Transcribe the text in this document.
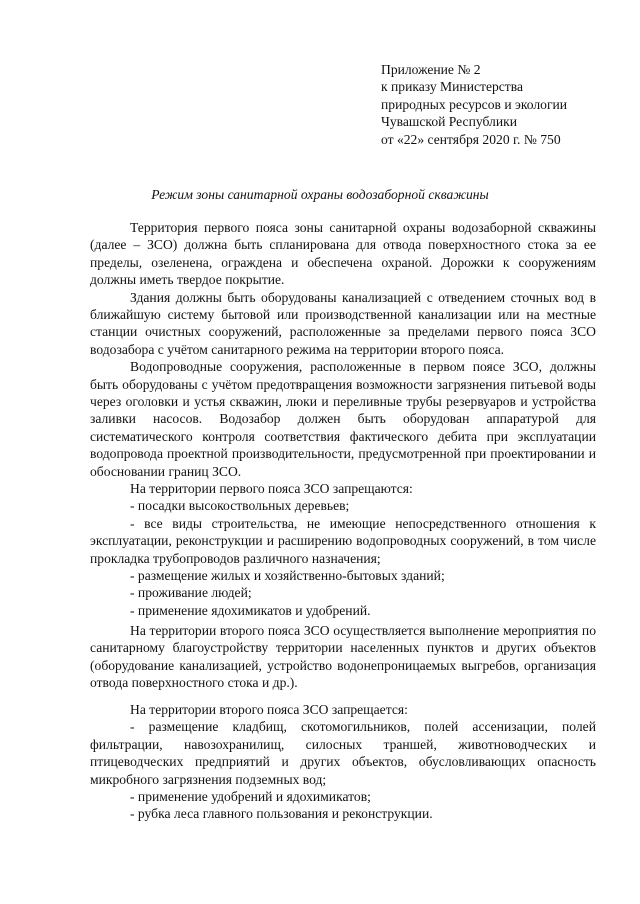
Приложение № 2
к приказу Министерства
природных ресурсов и экологии
Чувашской Республики
от «22» сентября 2020 г. № 750
Режим зоны санитарной охраны водозаборной скважины

Территория первого пояса зоны санитарной охраны водозаборной скважины (далее – ЗСО) должна быть спланирована для отвода поверхностного стока за ее пределы, озеленена, ограждена и обеспечена охраной. Дорожки к сооружениям должны иметь твердое покрытие.

Здания должны быть оборудованы канализацией с отведением сточных вод в ближайшую систему бытовой или производственной канализации или на местные станции очистных сооружений, расположенные за пределами первого пояса ЗСО водозабора с учётом санитарного режима на территории второго пояса.

Водопроводные сооружения, расположенные в первом поясе ЗСО, должны быть оборудованы с учётом предотвращения возможности загрязнения питьевой воды через оголовки и устья скважин, люки и переливные трубы резервуаров и устройства заливки насосов. Водозабор должен быть оборудован аппаратурой для систематического контроля соответствия фактического дебита при эксплуатации водопровода проектной производительности, предусмотренной при проектировании и обосновании границ ЗСО.

На территории первого пояса ЗСО запрещаются:

- посадки высокоствольных деревьев;

- все виды строительства, не имеющие непосредственного отношения к эксплуатации, реконструкции и расширению водопроводных сооружений, в том числе прокладка трубопроводов различного назначения;

- размещение жилых и хозяйственно-бытовых зданий;

- проживание людей;

- применение ядохимикатов и удобрений.

На территории второго пояса ЗСО осуществляется выполнение мероприятия по санитарному благоустройству территории населенных пунктов и других объектов (оборудование канализацией, устройство водонепроницаемых выгребов, организация отвода поверхностного стока и др.).

На территории второго пояса ЗСО запрещается:

- размещение кладбищ, скотомогильников, полей ассенизации, полей фильтрации, навозохранилищ, силосных траншей, животноводческих и птицеводческих предприятий и других объектов, обусловливающих опасность микробного загрязнения подземных вод;

- применение удобрений и ядохимикатов;

- рубка леса главного пользования и реконструкции.
